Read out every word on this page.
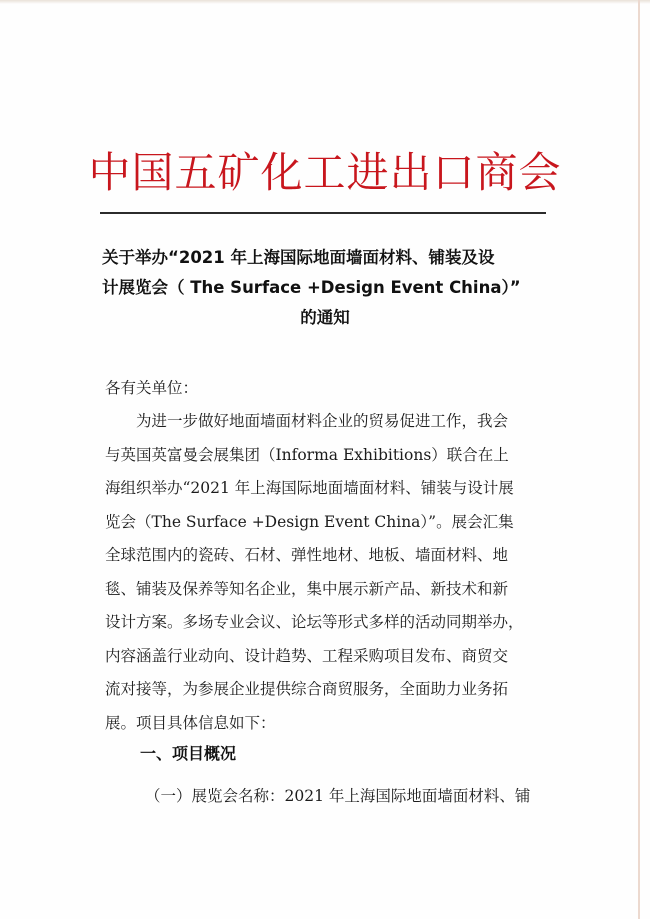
中国五矿化工进出口商会
关于举办“2021 年上海国际地面墙面材料、铺装及设
计展览会（ The Surface +Design Event China）”
的通知
各有关单位：
　　为进一步做好地面墙面材料企业的贸易促进工作，我会
与英国英富曼会展集团（Informa Exhibitions）联合在上
海组织举办“2021 年上海国际地面墙面材料、铺装与设计展
览会（The Surface +Design Event China）”。展会汇集
全球范围内的瓷砖、石材、弹性地材、地板、墙面材料、地
毯、铺装及保养等知名企业，集中展示新产品、新技术和新
设计方案。多场专业会议、论坛等形式多样的活动同期举办，
内容涵盖行业动向、设计趋势、工程采购项目发布、商贸交
流对接等，为参展企业提供综合商贸服务，全面助力业务拓
展。项目具体信息如下：
一、项目概况
（一）展览会名称：2021 年上海国际地面墙面材料、铺
